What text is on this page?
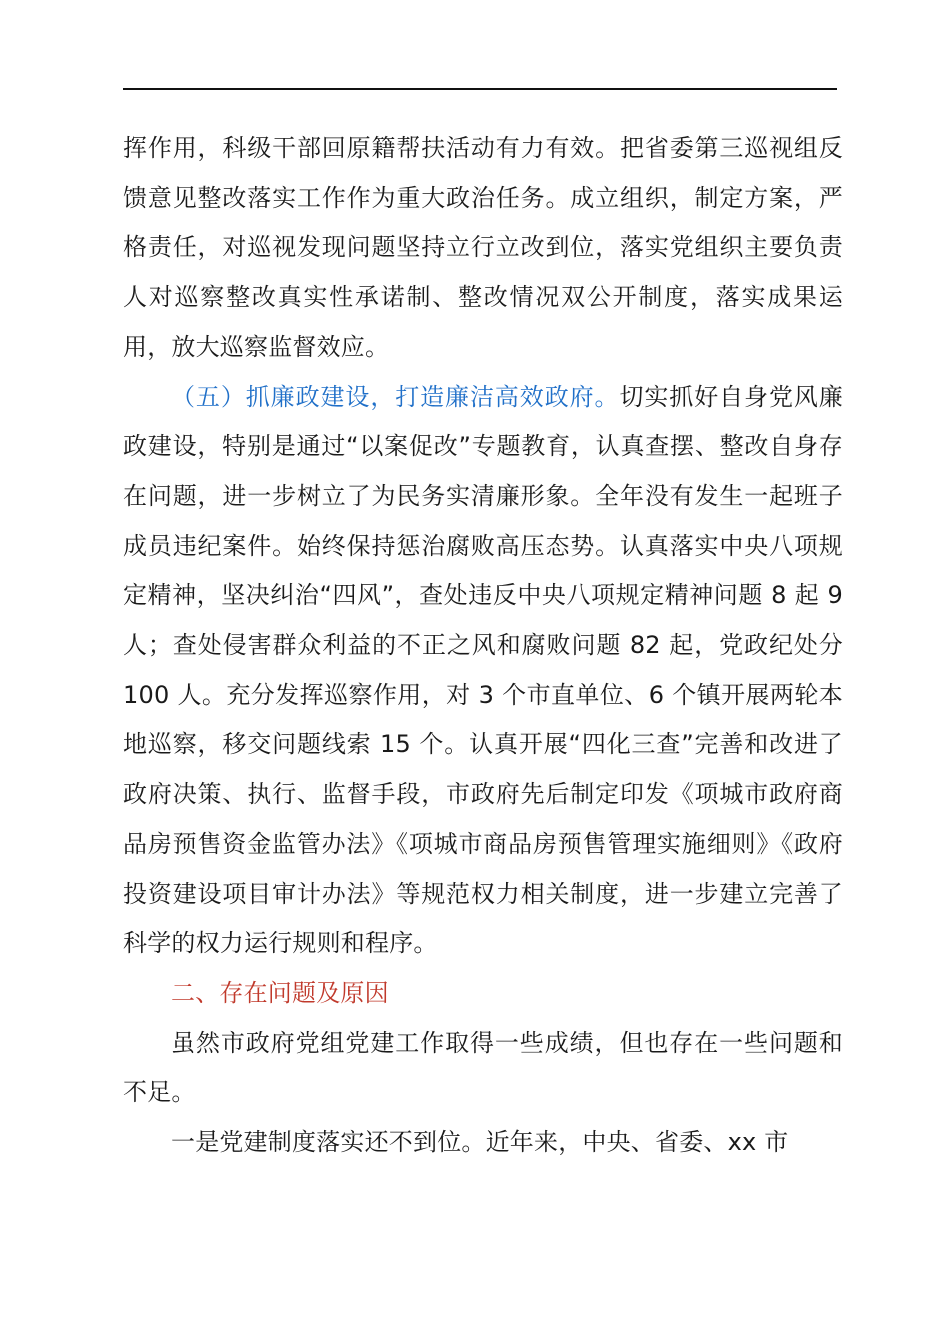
挥作用，科级干部回原籍帮扶活动有力有效。把省委第三巡视组反馈意见整改落实工作作为重大政治任务。成立组织，制定方案，严格责任，对巡视发现问题坚持立行立改到位，落实党组织主要负责人对巡察整改真实性承诺制、整改情况双公开制度，落实成果运用，放大巡察监督效应。

（五）抓廉政建设，打造廉洁高效政府。切实抓好自身党风廉政建设，特别是通过“以案促改”专题教育，认真查摆、整改自身存在问题，进一步树立了为民务实清廉形象。全年没有发生一起班子成员违纪案件。始终保持惩治腐败高压态势。认真落实中央八项规定精神，坚决纠治“四风”，查处违反中央八项规定精神问题 8 起 9 人；查处侵害群众利益的不正之风和腐败问题 82 起，党政纪处分 100 人。充分发挥巡察作用，对 3 个市直单位、6 个镇开展两轮本地巡察，移交问题线索 15 个。认真开展“四化三查”完善和改进了政府决策、执行、监督手段，市政府先后制定印发《项城市政府商品房预售资金监管办法》《项城市商品房预售管理实施细则》《政府投资建设项目审计办法》等规范权力相关制度，进一步建立完善了科学的权力运行规则和程序。

二、存在问题及原因

虽然市政府党组党建工作取得一些成绩，但也存在一些问题和不足。

一是党建制度落实还不到位。近年来，中央、省委、xx 市
